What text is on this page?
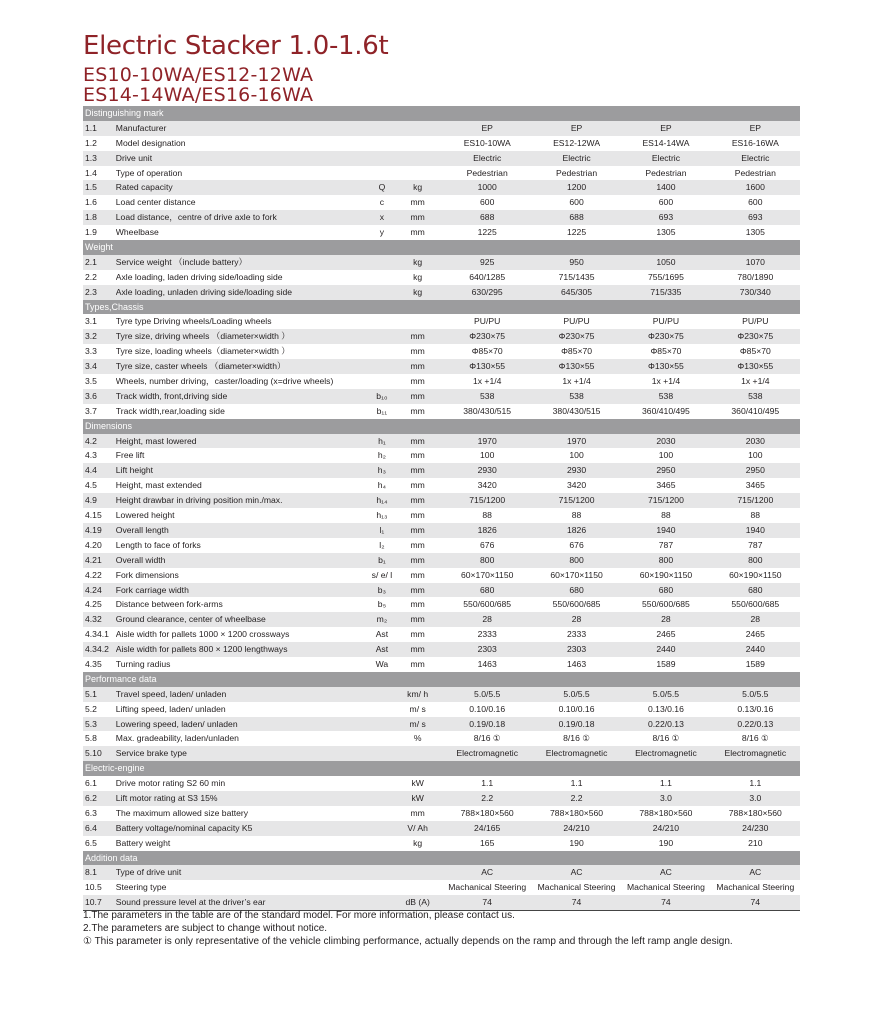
Electric Stacker 1.0-1.6t
ES10-10WA/ES12-12WA
ES14-14WA/ES16-16WA
Distinguishing mark
1.1	Manufacturer	EP	EP	EP	EP
1.2	Model designation	ES10-10WA	ES12-12WA	ES14-14WA	ES16-16WA
1.3	Drive unit	Electric	Electric	Electric	Electric
1.4	Type of operation	Pedestrian	Pedestrian	Pedestrian	Pedestrian
1.5	Rated capacity	Q	kg	1000	1200	1400	1600
1.6	Load center distance	c	mm	600	600	600	600
1.8	Load distance，centre of drive axle to fork	x	mm	688	688	693	693
1.9	Wheelbase	y	mm	1225	1225	1305	1305
Weight
2.1	Service weight （include battery）	kg	925	950	1050	1070
2.2	Axle loading, laden driving side/loading side	kg	640/1285	715/1435	755/1695	780/1890
2.3	Axle loading, unladen driving side/loading side	kg	630/295	645/305	715/335	730/340
Types,Chassis
3.1	Tyre type Driving wheels/Loading wheels	PU/PU	PU/PU	PU/PU	PU/PU
3.2	Tyre size, driving wheels （diameter×width ）	mm	Φ230×75	Φ230×75	Φ230×75	Φ230×75
3.3	Tyre size, loading wheels（diameter×width ）	mm	Φ85×70	Φ85×70	Φ85×70	Φ85×70
3.4	Tyre size, caster wheels （diameter×width）	mm	Φ130×55	Φ130×55	Φ130×55	Φ130×55
3.5	Wheels, number driving，caster/loading (x=drive wheels)	mm	1x +1/4	1x +1/4	1x +1/4	1x +1/4
3.6	Track width, front,driving side	b₁₀	mm	538	538	538	538
3.7	Track width,rear,loading side	b₁₁	mm	380/430/515	380/430/515	360/410/495	360/410/495
Dimensions
4.2	Height, mast lowered	h₁	mm	1970	1970	2030	2030
4.3	Free lift	h₂	mm	100	100	100	100
4.4	Lift height	h₃	mm	2930	2930	2950	2950
4.5	Height, mast extended	h₄	mm	3420	3420	3465	3465
4.9	Height drawbar in driving position min./max.	h₁₄	mm	715/1200	715/1200	715/1200	715/1200
4.15	Lowered height	h₁₃	mm	88	88	88	88
4.19	Overall length	l₁	mm	1826	1826	1940	1940
4.20	Length to face of forks	l₂	mm	676	676	787	787
4.21	Overall width	b₁	mm	800	800	800	800
4.22	Fork dimensions	s/ e/ l	mm	60×170×1150	60×170×1150	60×190×1150	60×190×1150
4.24	Fork carriage width	b₃	mm	680	680	680	680
4.25	Distance between fork-arms	b₅	mm	550/600/685	550/600/685	550/600/685	550/600/685
4.32	Ground clearance, center of wheelbase	m₂	mm	28	28	28	28
4.34.1 Aisle width for pallets 1000 × 1200 crossways	Ast	mm	2333	2333	2465	2465
4.34.2 Aisle width for pallets 800 × 1200 lengthways	Ast	mm	2303	2303	2440	2440
4.35	Turning radius	Wa	mm	1463	1463	1589	1589
Performance data
5.1	Travel speed, laden/ unladen	km/ h	5.0/5.5	5.0/5.5	5.0/5.5	5.0/5.5
5.2	Lifting speed, laden/ unladen	m/ s	0.10/0.16	0.10/0.16	0.13/0.16	0.13/0.16
5.3	Lowering speed, laden/ unladen	m/ s	0.19/0.18	0.19/0.18	0.22/0.13	0.22/0.13
5.8	Max. gradeability, laden/unladen	%	8/16 ①	8/16 ①	8/16 ①	8/16 ①
5.10	Service brake type	Electromagnetic	Electromagnetic	Electromagnetic	Electromagnetic
Electric-engine
6.1	Drive motor rating S2 60 min	kW	1.1	1.1	1.1	1.1
6.2	Lift motor rating at S3 15%	kW	2.2	2.2	3.0	3.0
6.3	The maximum allowed size battery	mm	788×180×560	788×180×560	788×180×560	788×180×560
6.4	Battery voltage/nominal capacity K5	V/ Ah	24/165	24/210	24/210	24/230
6.5	Battery weight	kg	165	190	190	210
Addition data
8.1	Type of drive unit	AC	AC	AC	AC
10.5	Steering type	Machanical Steering	Machanical Steering	Machanical Steering	Machanical Steering
10.7	Sound pressure level at the driver’s ear	dB (A)	74	74	74	74

1.The parameters in the table are of the standard model. For more information, please contact us.

2.The parameters are subject to change without notice.

① This parameter is only representative of the vehicle climbing performance, actually depends on the ramp and through the left ramp angle design.
